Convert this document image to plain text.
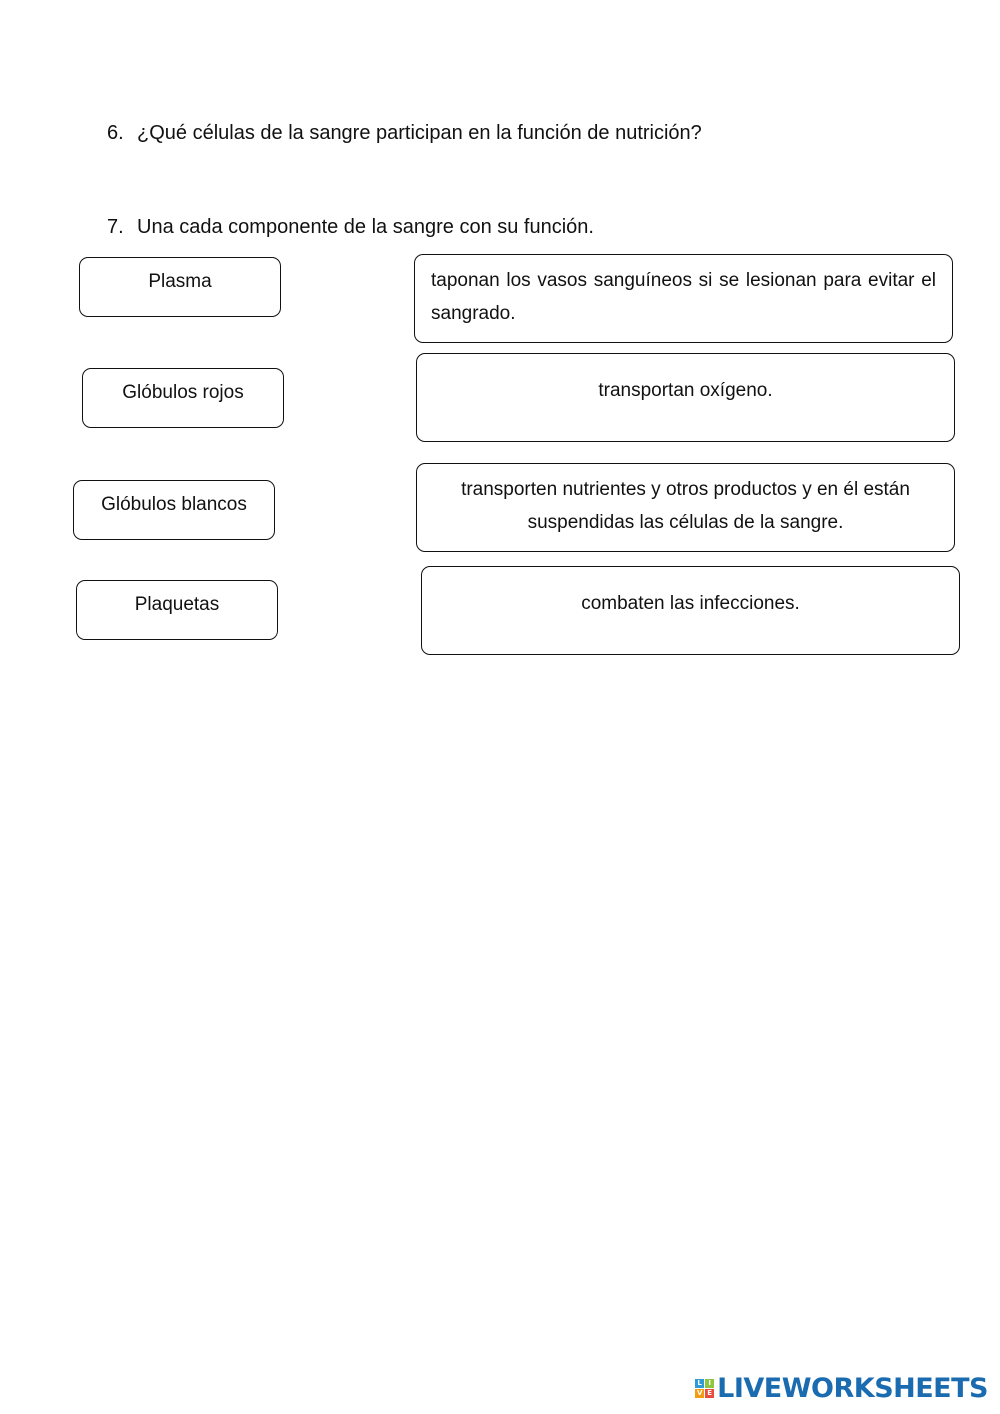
6. ¿Qué células de la sangre participan en la función de nutrición?
7. Una cada componente de la sangre con su función.
Plasma
Glóbulos rojos
Glóbulos blancos
Plaquetas
taponan los vasos sanguíneos si se lesionan para evitar el sangrado.
transportan oxígeno.
transporten nutrientes y otros productos y en él están suspendidas las células de la sangre.
combaten las infecciones.
L I
V E LIVEWORKSHEETS
